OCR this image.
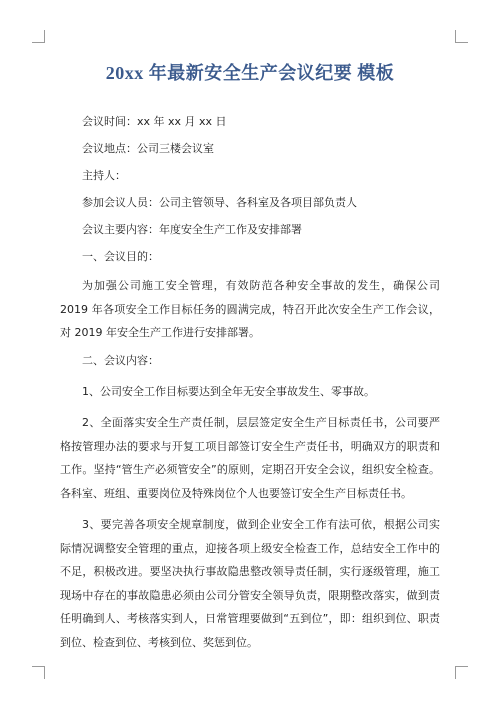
20xx 年最新安全生产会议纪要 模板
会议时间：xx 年 xx 月 xx 日
会议地点：公司三楼会议室
主持人：
参加会议人员：公司主管领导、各科室及各项目部负责人
会议主要内容：年度安全生产工作及安排部署
一、会议目的：
为加强公司施工安全管理，有效防范各种安全事故的发生，确保公司 2019 年各项安全工作目标任务的圆满完成，特召开此次安全生产工作会议，对 2019 年安全生产工作进行安排部署。
二、会议内容：
1、公司安全工作目标要达到全年无安全事故发生、零事故。
2、全面落实安全生产责任制，层层签定安全生产目标责任书，公司要严格按管理办法的要求与开复工项目部签订安全生产责任书，明确双方的职责和工作。坚持“管生产必须管安全”的原则，定期召开安全会议，组织安全检查。各科室、班组、重要岗位及特殊岗位个人也要签订安全生产目标责任书。
3、要完善各项安全规章制度，做到企业安全工作有法可依，根据公司实际情况调整安全管理的重点，迎接各项上级安全检查工作，总结安全工作中的不足，积极改进。要坚决执行事故隐患整改领导责任制，实行逐级管理，施工现场中存在的事故隐患必须由公司分管安全领导负责，限期整改落实，做到责任明确到人、考核落实到人，日常管理要做到“五到位”，即：组织到位、职责到位、检查到位、考核到位、奖惩到位。
